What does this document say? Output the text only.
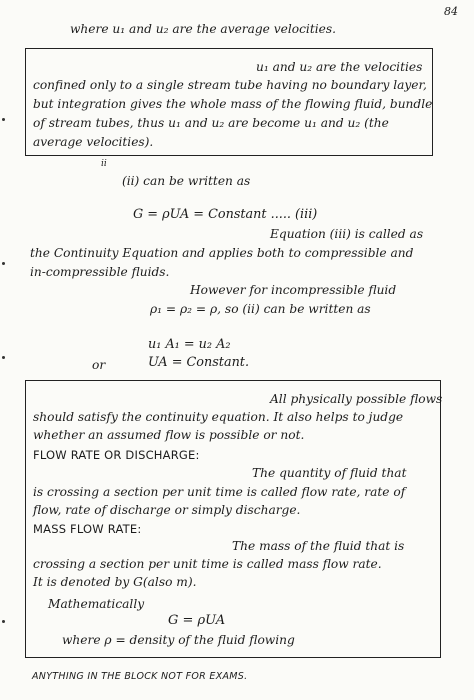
84
where u₁ and u₂ are the average velocities.
u₁ and u₂ are the velocities
confined only to a single stream tube having no boundary layer,
but integration gives the whole mass of the flowing fluid, bundle
of stream tubes, thus u₁ and u₂ are become u₁ and u₂ (the
average velocities).
ii
(ii) can be written as
G = ρUA = Constant ..... (iii)
Equation (iii) is called as
the Continuity Equation and applies both to compressible and
in-compressible fluids.
However for incompressible fluid
ρ₁ = ρ₂ = ρ, so (ii) can be written as
u₁ A₁ = u₂ A₂
or	UA = Constant.
All physically possible flows
should satisfy the continuity equation. It also helps to judge
whether an assumed flow is possible or not.
FLOW RATE OR DISCHARGE:
The quantity of fluid that
is crossing a section per unit time is called flow rate, rate of
flow, rate of discharge or simply discharge.
MASS FLOW RATE:
The mass of the fluid that is
crossing a section per unit time is called mass flow rate.
It is denoted by G(also m).
Mathematically
G = ρUA
where ρ = density of the fluid flowing
ANYTHING IN THE BLOCK NOT FOR EXAMS.
